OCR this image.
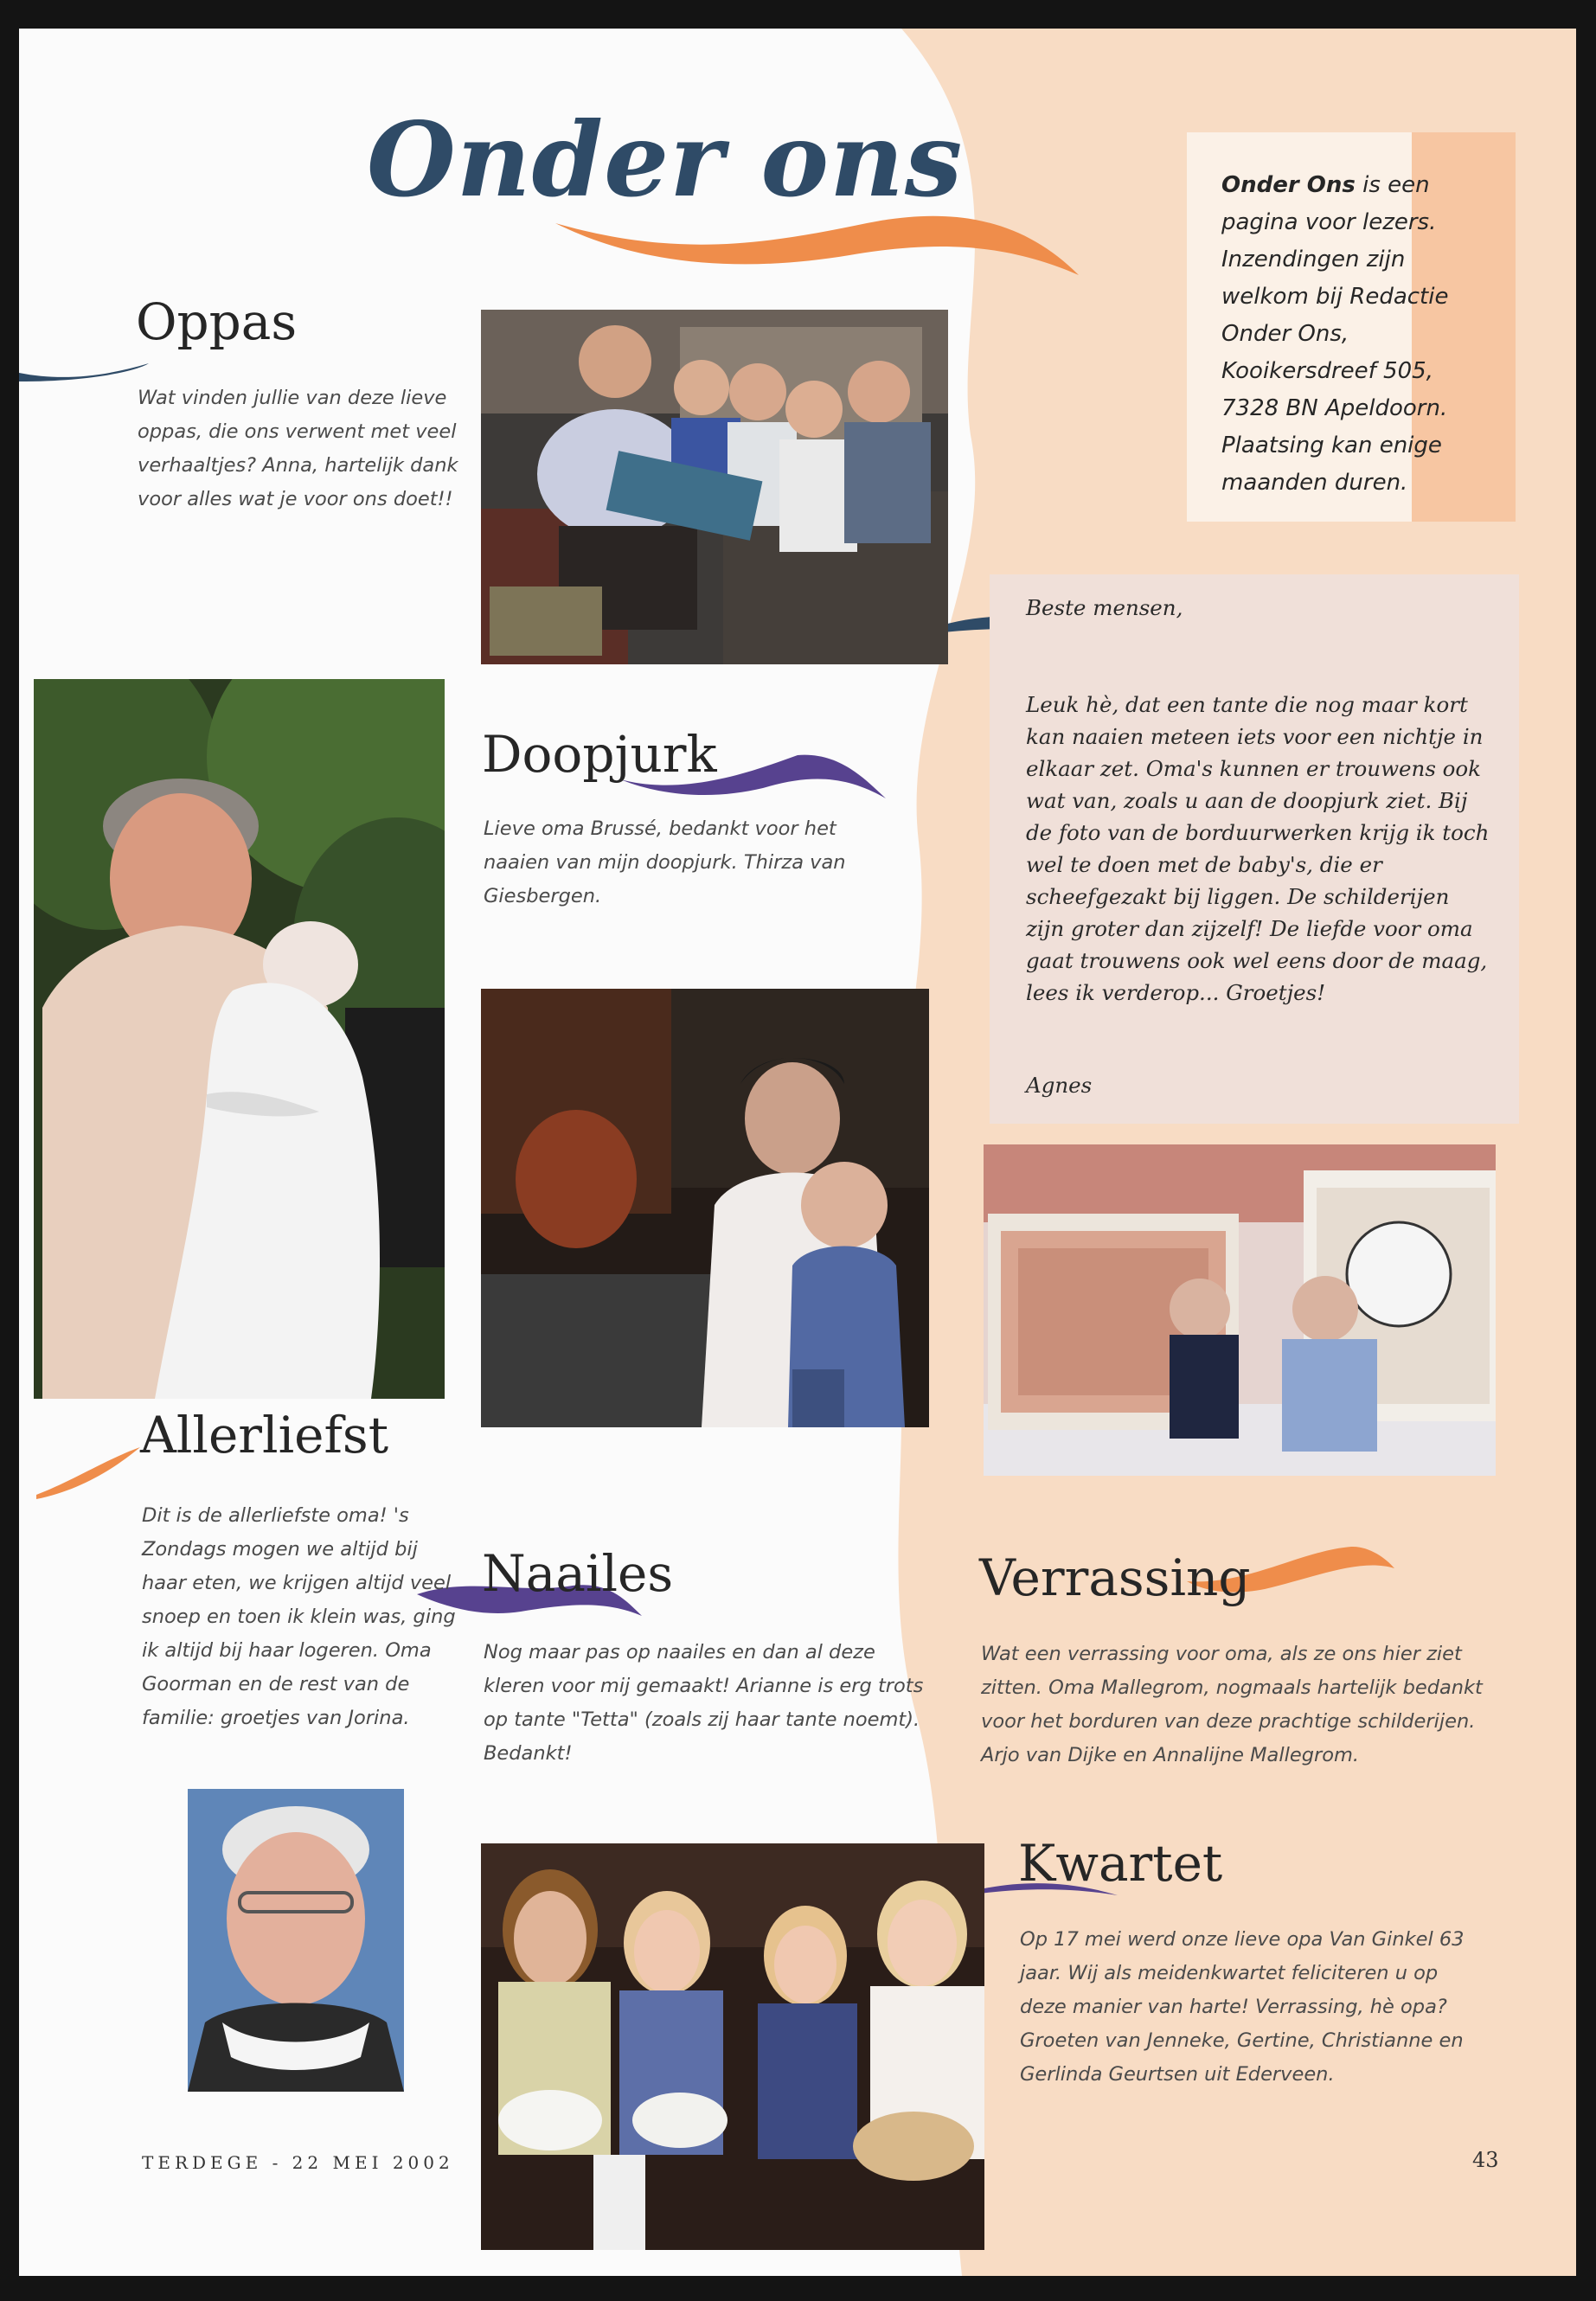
Onder ons	Onder Ons is een pagina voor lezers. Inzendingen zijn welkom bij Redactie Onder Ons, Kooikersdreef 505, 7328 BN Apeldoorn. Plaatsing kan enige maanden duren.
Oppas
Wat vinden jullie van deze lieve oppas, die ons verwent met veel verhaaltjes? Anna, hartelijk dank voor alles wat je voor ons doet!!
Doopjurk
Lieve oma Brussé, bedankt voor het naaien van mijn doopjurk. Thirza van Giesbergen.
Beste mensen,
Leuk hè, dat een tante die nog maar kort kan naaien meteen iets voor een nichtje in elkaar zet. Oma's kunnen er trouwens ook wat van, zoals u aan de doopjurk ziet. Bij de foto van de borduurwerken krijg ik toch wel te doen met de baby's, die er scheefgezakt bij liggen. De schilderijen zijn groter dan zijzelf! De liefde voor oma gaat trouwens ook wel eens door de maag, lees ik verderop... Groetjes!
Agnes
Allerliefst
Dit is de allerliefste oma! 's Zondags mogen we altijd bij haar eten, we krijgen altijd veel snoep en toen ik klein was, ging ik altijd bij haar logeren. Oma Goorman en de rest van de familie: groetjes van Jorina.
Naailes
Nog maar pas op naailes en dan al deze kleren voor mij gemaakt! Arianne is erg trots op tante "Tetta" (zoals zij haar tante noemt). Bedankt!
Verrassing
Wat een verrassing voor oma, als ze ons hier ziet zitten. Oma Mallegrom, nogmaals hartelijk bedankt voor het borduren van deze prachtige schilderijen. Arjo van Dijke en Annalijne Mallegrom.
Kwartet
Op 17 mei werd onze lieve opa Van Ginkel 63 jaar. Wij als meidenkwartet feliciteren u op deze manier van harte! Verrassing, hè opa? Groeten van Jenneke, Gertine, Christianne en Gerlinda Geurtsen uit Ederveen.
TERDEGE - 22 MEI 2002	43
